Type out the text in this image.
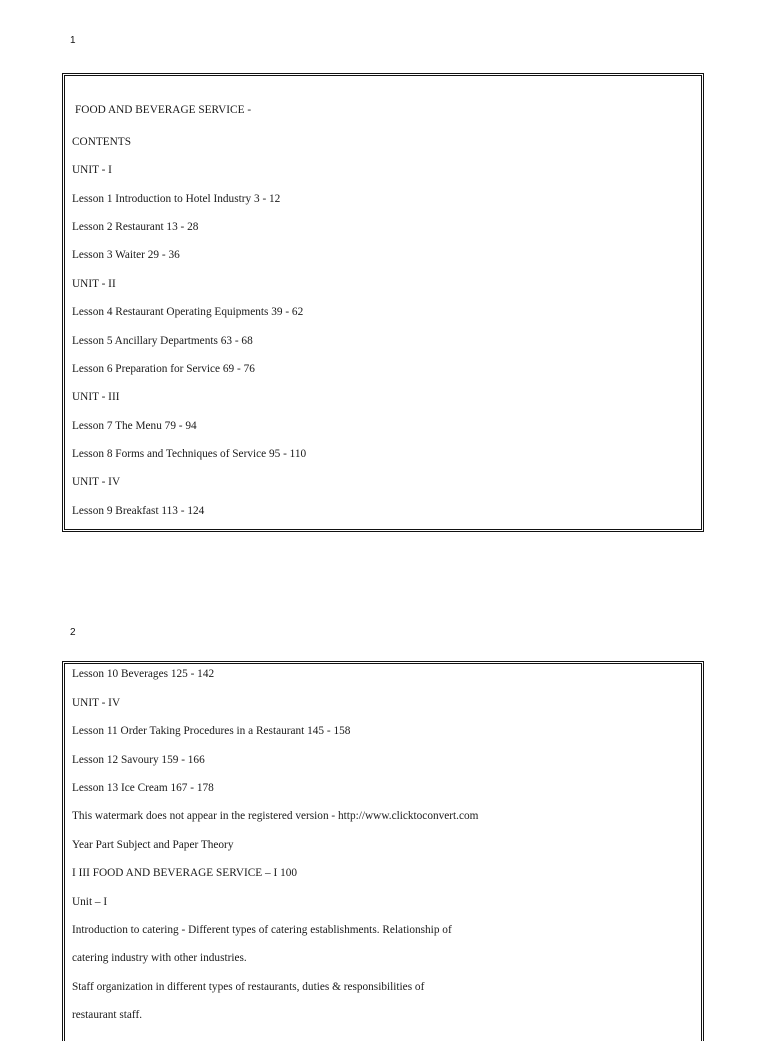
1
FOOD AND BEVERAGE SERVICE -
CONTENTS
UNIT - I
Lesson 1 Introduction to Hotel Industry 3 - 12
Lesson 2 Restaurant 13 - 28
Lesson 3 Waiter 29 - 36
UNIT - II
Lesson 4 Restaurant Operating Equipments 39 - 62
Lesson 5 Ancillary Departments 63 - 68
Lesson 6 Preparation for Service 69 - 76
UNIT - III
Lesson 7 The Menu 79 - 94
Lesson 8 Forms and Techniques of Service 95 - 110
UNIT - IV
Lesson 9 Breakfast 113 - 124
2
Lesson 10 Beverages 125 - 142
UNIT - IV
Lesson 11 Order Taking Procedures in a Restaurant 145 - 158
Lesson 12 Savoury 159 - 166
Lesson 13 Ice Cream 167 - 178
This watermark does not appear in the registered version - http://www.clicktoconvert.com
Year Part Subject and Paper Theory
I III FOOD AND BEVERAGE SERVICE – I 100
Unit – I
Introduction to catering - Different types of catering establishments. Relationship of
catering industry with other industries.
Staff organization in different types of restaurants, duties & responsibilities of
restaurant staff.
